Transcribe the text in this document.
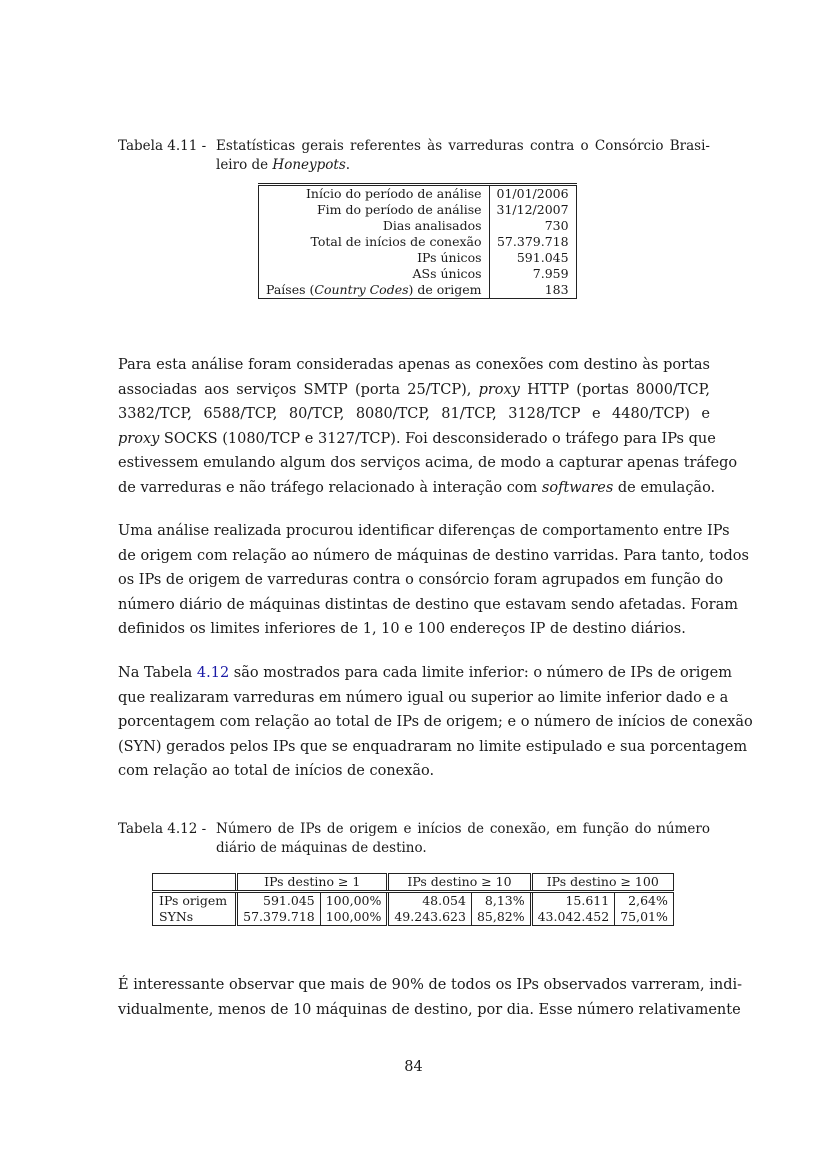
Tabela 4.11 - Estatísticas gerais referentes às varreduras contra o Consórcio Brasi-
leiro de Honeypots.
Início do período de análise	01/01/2006
Fim do período de análise	31/12/2007
Dias analisados	730
Total de inícios de conexão	57.379.718
IPs únicos	591.045
ASs únicos	7.959
Países (Country Codes) de origem	183
Para esta análise foram consideradas apenas as conexões com destino às portas
associadas aos serviços SMTP (porta 25/TCP), proxy HTTP (portas 8000/TCP,
3382/TCP, 6588/TCP, 80/TCP, 8080/TCP, 81/TCP, 3128/TCP e 4480/TCP) e
proxy SOCKS (1080/TCP e 3127/TCP). Foi desconsiderado o tráfego para IPs que
estivessem emulando algum dos serviços acima, de modo a capturar apenas tráfego
de varreduras e não tráfego relacionado à interação com softwares de emulação.
Uma análise realizada procurou identificar diferenças de comportamento entre IPs
de origem com relação ao número de máquinas de destino varridas. Para tanto, todos
os IPs de origem de varreduras contra o consórcio foram agrupados em função do
número diário de máquinas distintas de destino que estavam sendo afetadas. Foram
definidos os limites inferiores de 1, 10 e 100 endereços IP de destino diários.
Na Tabela 4.12 são mostrados para cada limite inferior: o número de IPs de origem
que realizaram varreduras em número igual ou superior ao limite inferior dado e a
porcentagem com relação ao total de IPs de origem; e o número de inícios de conexão
(SYN) gerados pelos IPs que se enquadraram no limite estipulado e sua porcentagem
com relação ao total de inícios de conexão.
Tabela 4.12 - Número de IPs de origem e inícios de conexão, em função do número
diário de máquinas de destino.
	IPs destino ≥ 1		IPs destino ≥ 10		IPs destino ≥ 100	
IPs origem	591.045	100,00%	48.054	8,13%	15.611	2,64%
SYNs	57.379.718	100,00%	49.243.623	85,82%	43.042.452	75,01%
É interessante observar que mais de 90% de todos os IPs observados varreram, indi-
vidualmente, menos de 10 máquinas de destino, por dia. Esse número relativamente
84
